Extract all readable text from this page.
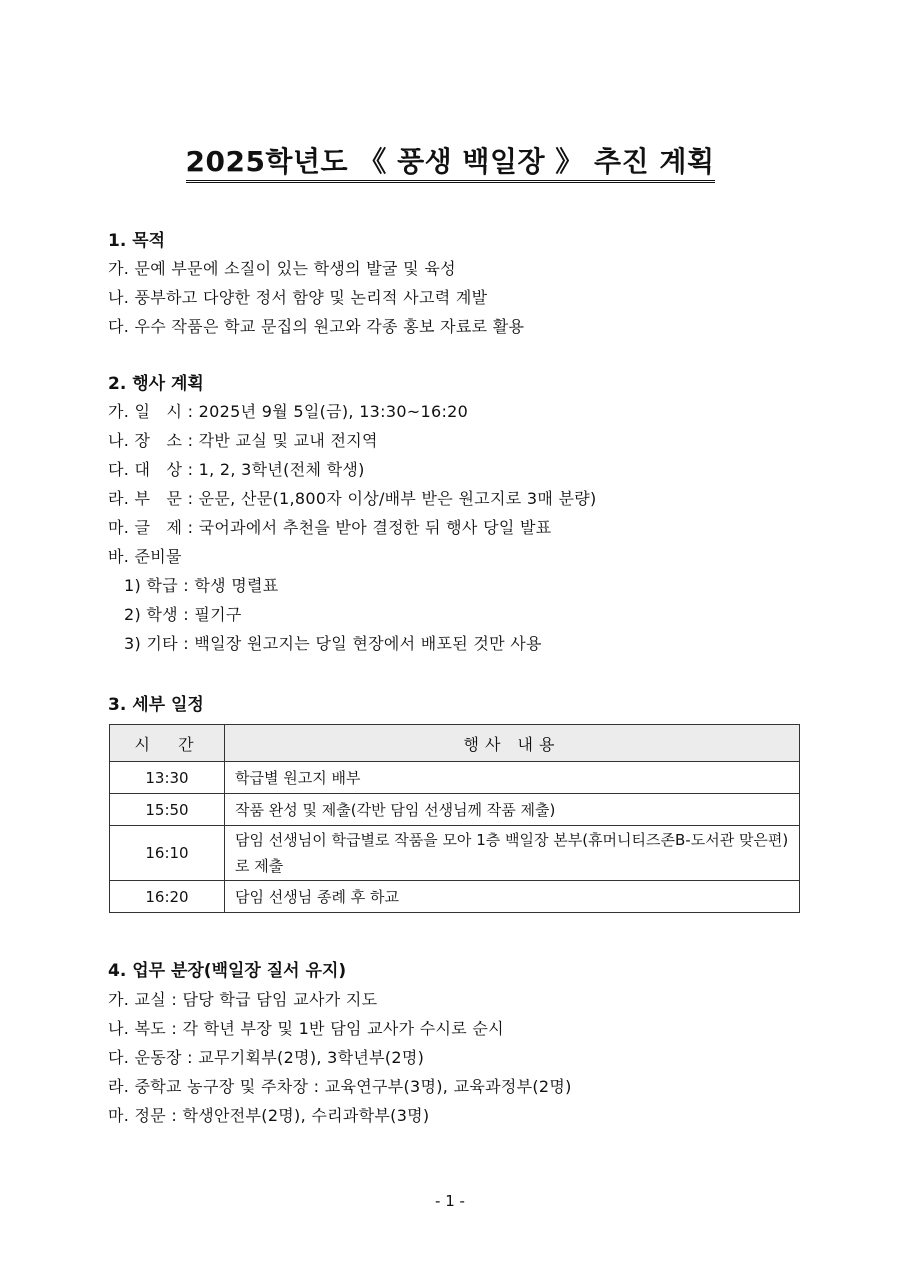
2025학년도 《 풍생 백일장 》 추진 계획
1. 목적
가. 문예 부문에 소질이 있는 학생의 발굴 및 육성
나. 풍부하고 다양한 정서 함양 및 논리적 사고력 계발
다. 우수 작품은 학교 문집의 원고와 각종 홍보 자료로 활용
2. 행사 계획
가. 일   시 : 2025년 9월 5일(금), 13:30~16:20
나. 장   소 : 각반 교실 및 교내 전지역
다. 대   상 : 1, 2, 3학년(전체 학생)
라. 부   문 : 운문, 산문(1,800자 이상/배부 받은 원고지로 3매 분량)
마. 글   제 : 국어과에서 추천을 받아 결정한 뒤 행사 당일 발표
바. 준비물
1) 학급 : 학생 명렬표
2) 학생 : 필기구
3) 기타 : 백일장 원고지는 당일 현장에서 배포된 것만 사용
3. 세부 일정
시  간	행사 내용
13:30	학급별 원고지 배부
15:50	작품 완성 및 제출(각반 담임 선생님께 작품 제출)
16:10	담임 선생님이 학급별로 작품을 모아 1층 백일장 본부(휴머니티즈존B-도서관 맞은편)로 제출
16:20	담임 선생님 종례 후 하교
4. 업무 분장(백일장 질서 유지)
가. 교실 : 담당 학급 담임 교사가 지도
나. 복도 : 각 학년 부장 및 1반 담임 교사가 수시로 순시
다. 운동장 : 교무기획부(2명), 3학년부(2명)
라. 중학교 농구장 및 주차장 : 교육연구부(3명), 교육과정부(2명)
마. 정문 : 학생안전부(2명), 수리과학부(3명)
- 1 -
